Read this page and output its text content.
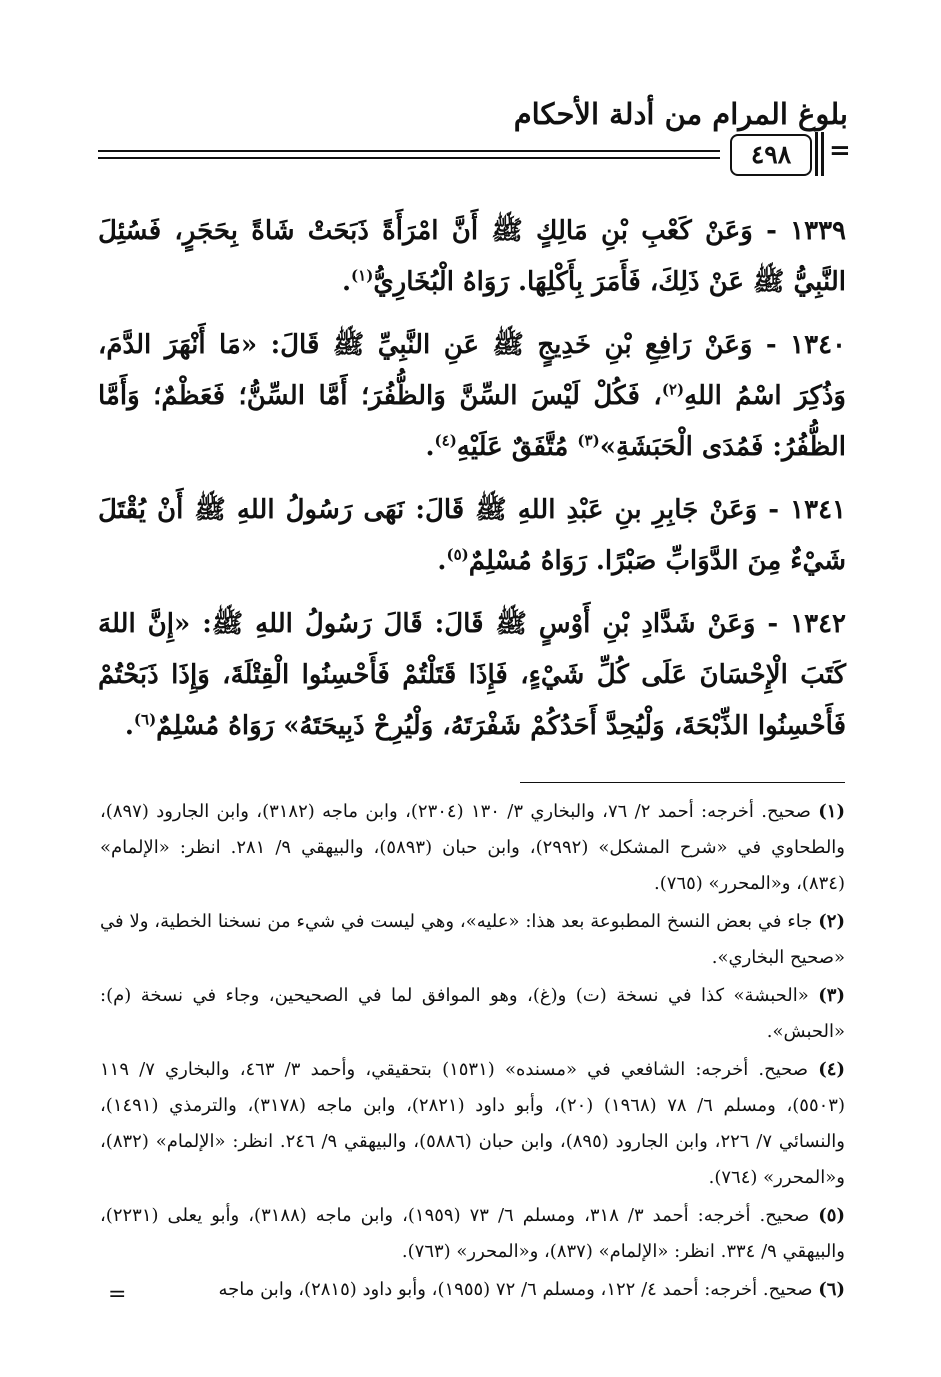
بلوغ المرام من أدلة الأحكام
٤٩٨	=

١٣٣٩ - وَعَنْ كَعْبِ بْنِ مَالِكٍ ﷺ أَنَّ امْرَأَةً ذَبَحَتْ شَاةً بِحَجَرٍ، فَسُئِلَ النَّبِيُّ ﷺ عَنْ ذَلِكَ، فَأَمَرَ بِأَكْلِهَا. رَوَاهُ الْبُخَارِيُّ$^{(١)}$.

١٣٤٠ - وَعَنْ رَافِعِ بْنِ خَدِيجٍ ﷺ عَنِ النَّبِيِّ ﷺ قَالَ: «مَا أَنْهَرَ الدَّمَ، وَذُكِرَ اسْمُ اللهِ$^{(٢)}$، فَكُلْ لَيْسَ السِّنَّ وَالظُّفُرَ؛ أَمَّا السِّنُّ؛ فَعَظْمٌ؛ وَأَمَّا الظُّفُرُ: فَمُدَى الْحَبَشَةِ»$^{(٣)}$ مُتَّفَقٌ عَلَيْهِ$^{(٤)}$.

١٣٤١ - وَعَنْ جَابِرِ بنِ عَبْدِ اللهِ ﷺ قَالَ: نَهَى رَسُولُ اللهِ ﷺ أَنْ يُقْتَلَ شَيْءٌ مِنَ الدَّوَابِّ صَبْرًا. رَوَاهُ مُسْلِمٌ$^{(٥)}$.

١٣٤٢ - وَعَنْ شَدَّادِ بْنِ أَوْسٍ ﷺ قَالَ: قَالَ رَسُولُ اللهِ ﷺ: «إِنَّ اللهَ كَتَبَ الْإِحْسَانَ عَلَى كُلِّ شَيْءٍ، فَإِذَا قَتَلْتُمْ فَأَحْسِنُوا الْقِتْلَةَ، وَإِذَا ذَبَحْتُمْ فَأَحْسِنُوا الذِّبْحَةَ، وَلْيُحِدَّ أَحَدُكُمْ شَفْرَتَهُ، وَلْيُرِحْ ذَبِيحَتَهُ» رَوَاهُ مُسْلِمٌ$^{(٦)}$.

(١) صحيح. أخرجه: أحمد ٢/ ٧٦، والبخاري ٣/ ١٣٠ (٢٣٠٤)، وابن ماجه (٣١٨٢)، وابن الجارود (٨٩٧)، والطحاوي في «شرح المشكل» (٢٩٩٢)، وابن حبان (٥٨٩٣)، والبيهقي ٩/ ٢٨١. انظر: «الإلمام» (٨٣٤)، و«المحرر» (٧٦٥).

(٢) جاء في بعض النسخ المطبوعة بعد هذا: «عليه»، وهي ليست في شيء من نسخنا الخطية، ولا في «صحيح البخاري».

(٣) «الحبشة» كذا في نسخة (ت) و(غ)، وهو الموافق لما في الصحيحين، وجاء في نسخة (م): «الحبش».

(٤) صحيح. أخرجه: الشافعي في «مسنده» (١٥٣١) بتحقيقي، وأحمد ٣/ ٤٦٣، والبخاري ٧/ ١١٩ (٥٥٠٣)، ومسلم ٦/ ٧٨ (١٩٦٨) (٢٠)، وأبو داود (٢٨٢١)، وابن ماجه (٣١٧٨)، والترمذي (١٤٩١)، والنسائي ٧/ ٢٢٦، وابن الجارود (٨٩٥)، وابن حبان (٥٨٨٦)، والبيهقي ٩/ ٢٤٦. انظر: «الإلمام» (٨٣٢)، و«المحرر» (٧٦٤).

(٥) صحيح. أخرجه: أحمد ٣/ ٣١٨، ومسلم ٦/ ٧٣ (١٩٥٩)، وابن ماجه (٣١٨٨)، وأبو يعلى (٢٢٣١)، والبيهقي ٩/ ٣٣٤. انظر: «الإلمام» (٨٣٧)، و«المحرر» (٧٦٣).

(٦) صحيح. أخرجه: أحمد ٤/ ١٢٢، ومسلم ٦/ ٧٢ (١٩٥٥)، وأبو داود (٢٨١٥)، وابن ماجه

=
